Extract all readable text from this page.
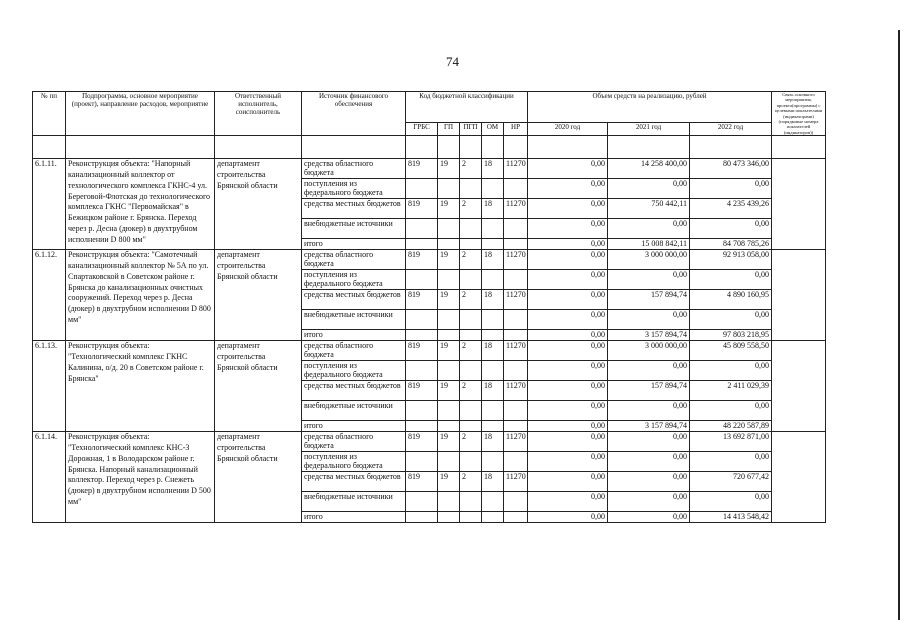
74
№ пп	Подпрограмма, основное мероприятие (проект), направление расходов, мероприятие	Ответственный исполнитель, соисполнитель	Источник финансового обеспечения	Код бюджетной классификации					Объем средств на реализацию, рублей			Связь основного мероприятия, проекта(программы) с целевыми показателями (индикаторами) (порядковые номера показателей (индикаторов))
				ГРБС	ГП	ПГП	ОМ	НР	2020 год	2021 год	2022 год	

6.1.11.	Реконструкция объекта: "Напорный канализационный коллектор от технологического комплекса ГКНС-4 ул. Береговой-Флотская до технологического комплекса ГКНС "Первомайская" в Бежицком районе г. Брянска. Переход через р. Десна (дюкер) в двухтрубном исполнении D 800 мм"	департамент строительства Брянской области	средства областного бюджета	819	19	2	18	11270	0,00	14 258 400,00	80 473 346,00	
			поступления из федерального бюджета						0,00	0,00	0,00	
			средства местных бюджетов	819	19	2	18	11270	0,00	750 442,11	4 235 439,26	
			внебюджетные источники						0,00	0,00	0,00	
			итого						0,00	15 008 842,11	84 708 785,26	
6.1.12.	Реконструкция объекта: "Самотечный канализационный коллектор № 5А по ул. Спартаковской в Советском районе г. Брянска до канализационных очистных сооружений. Переход через р. Десна (дюкер) в двухтрубном исполнении D 800 мм"	департамент строительства Брянской области	средства областного бюджета	819	19	2	18	11270	0,00	3 000 000,00	92 913 058,00	
			поступления из федерального бюджета						0,00	0,00	0,00	
			средства местных бюджетов	819	19	2	18	11270	0,00	157 894,74	4 890 160,95	
			внебюджетные источники						0,00	0,00	0,00	
			итого						0,00	3 157 894,74	97 803 218,95	
6.1.13.	Реконструкция объекта: "Технологический комплекс ГКНС Калинина, о/д. 20 в Советском районе г. Брянска"	департамент строительства Брянской области	средства областного бюджета	819	19	2	18	11270	0,00	3 000 000,00	45 809 558,50	
			поступления из федерального бюджета						0,00	0,00	0,00	
			средства местных бюджетов	819	19	2	18	11270	0,00	157 894,74	2 411 029,39	
			внебюджетные источники						0,00	0,00	0,00	
			итого						0,00	3 157 894,74	48 220 587,89	
6.1.14.	Реконструкция объекта: "Технологический комплекс КНС-3 Дорожная, 1 в Володарском районе г. Брянска. Напорный канализационный коллектор. Переход через р. Снежеть (дюкер) в двухтрубном исполнении D 500 мм"	департамент строительства Брянской области	средства областного бюджета	819	19	2	18	11270	0,00	0,00	13 692 871,00	
			поступления из федерального бюджета						0,00	0,00	0,00	
			средства местных бюджетов	819	19	2	18	11270	0,00	0,00	720 677,42	
			внебюджетные источники						0,00	0,00	0,00	
			итого						0,00	0,00	14 413 548,42	
